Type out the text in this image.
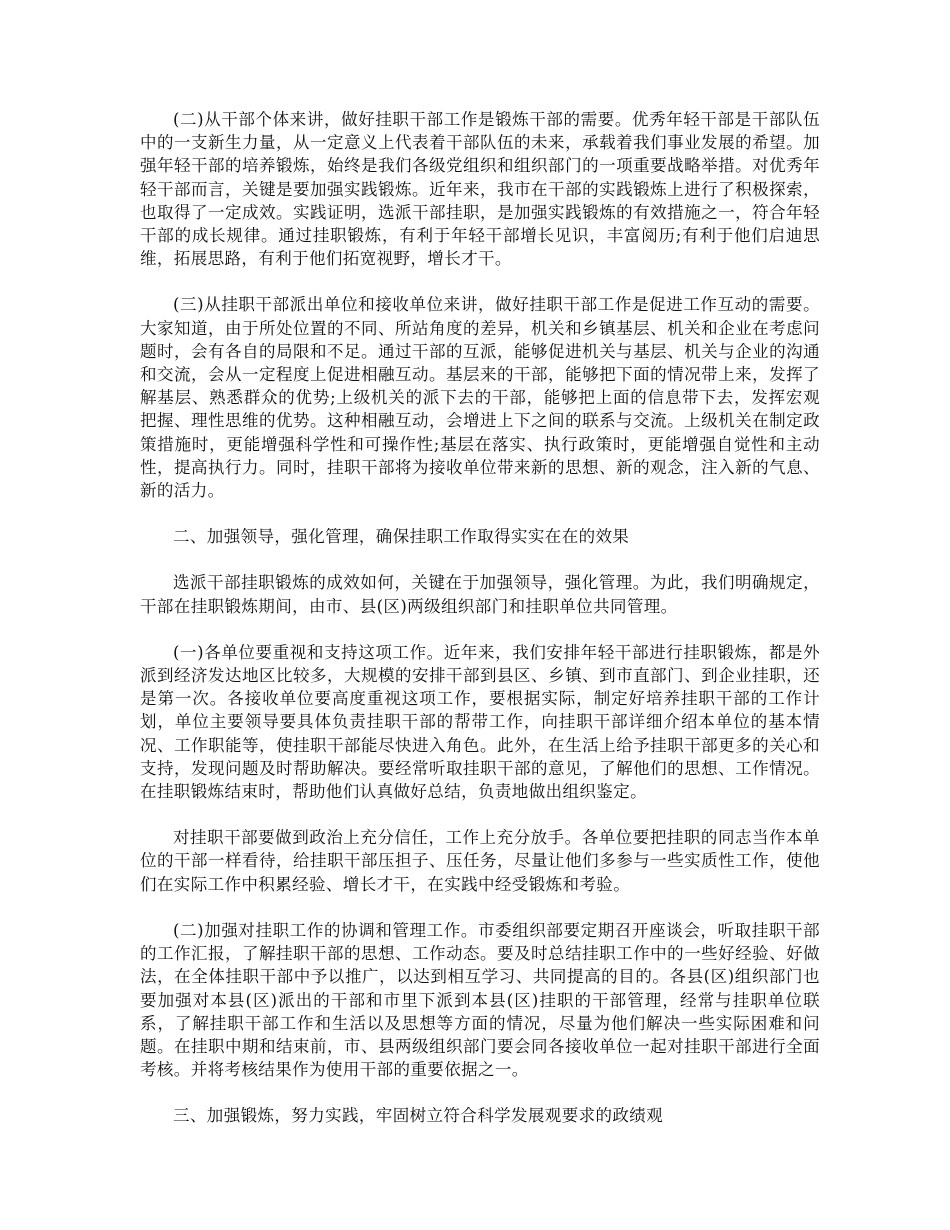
(二)从干部个体来讲，做好挂职干部工作是锻炼干部的需要。优秀年轻干部是干部队伍中的一支新生力量，从一定意义上代表着干部队伍的未来，承载着我们事业发展的希望。加强年轻干部的培养锻炼，始终是我们各级党组织和组织部门的一项重要战略举措。对优秀年轻干部而言，关键是要加强实践锻炼。近年来，我市在干部的实践锻炼上进行了积极探索，也取得了一定成效。实践证明，选派干部挂职，是加强实践锻炼的有效措施之一，符合年轻干部的成长规律。通过挂职锻炼，有利于年轻干部增长见识，丰富阅历;有利于他们启迪思维，拓展思路，有利于他们拓宽视野，增长才干。

(三)从挂职干部派出单位和接收单位来讲，做好挂职干部工作是促进工作互动的需要。大家知道，由于所处位置的不同、所站角度的差异，机关和乡镇基层、机关和企业在考虑问题时，会有各自的局限和不足。通过干部的互派，能够促进机关与基层、机关与企业的沟通和交流，会从一定程度上促进相融互动。基层来的干部，能够把下面的情况带上来，发挥了解基层、熟悉群众的优势;上级机关的派下去的干部，能够把上面的信息带下去，发挥宏观把握、理性思维的优势。这种相融互动，会增进上下之间的联系与交流。上级机关在制定政策措施时，更能增强科学性和可操作性;基层在落实、执行政策时，更能增强自觉性和主动性，提高执行力。同时，挂职干部将为接收单位带来新的思想、新的观念，注入新的气息、新的活力。

二、加强领导，强化管理，确保挂职工作取得实实在在的效果

选派干部挂职锻炼的成效如何，关键在于加强领导，强化管理。为此，我们明确规定，干部在挂职锻炼期间，由市、县(区)两级组织部门和挂职单位共同管理。

(一)各单位要重视和支持这项工作。近年来，我们安排年轻干部进行挂职锻炼，都是外派到经济发达地区比较多，大规模的安排干部到县区、乡镇、到市直部门、到企业挂职，还是第一次。各接收单位要高度重视这项工作，要根据实际，制定好培养挂职干部的工作计划，单位主要领导要具体负责挂职干部的帮带工作，向挂职干部详细介绍本单位的基本情况、工作职能等，使挂职干部能尽快进入角色。此外，在生活上给予挂职干部更多的关心和支持，发现问题及时帮助解决。要经常听取挂职干部的意见，了解他们的思想、工作情况。在挂职锻炼结束时，帮助他们认真做好总结，负责地做出组织鉴定。

对挂职干部要做到政治上充分信任，工作上充分放手。各单位要把挂职的同志当作本单位的干部一样看待，给挂职干部压担子、压任务，尽量让他们多参与一些实质性工作，使他们在实际工作中积累经验、增长才干，在实践中经受锻炼和考验。

(二)加强对挂职工作的协调和管理工作。市委组织部要定期召开座谈会，听取挂职干部的工作汇报，了解挂职干部的思想、工作动态。要及时总结挂职工作中的一些好经验、好做法，在全体挂职干部中予以推广，以达到相互学习、共同提高的目的。各县(区)组织部门也要加强对本县(区)派出的干部和市里下派到本县(区)挂职的干部管理，经常与挂职单位联系，了解挂职干部工作和生活以及思想等方面的情况，尽量为他们解决一些实际困难和问题。在挂职中期和结束前，市、县两级组织部门要会同各接收单位一起对挂职干部进行全面考核。并将考核结果作为使用干部的重要依据之一。

三、加强锻炼，努力实践，牢固树立符合科学发展观要求的政绩观
